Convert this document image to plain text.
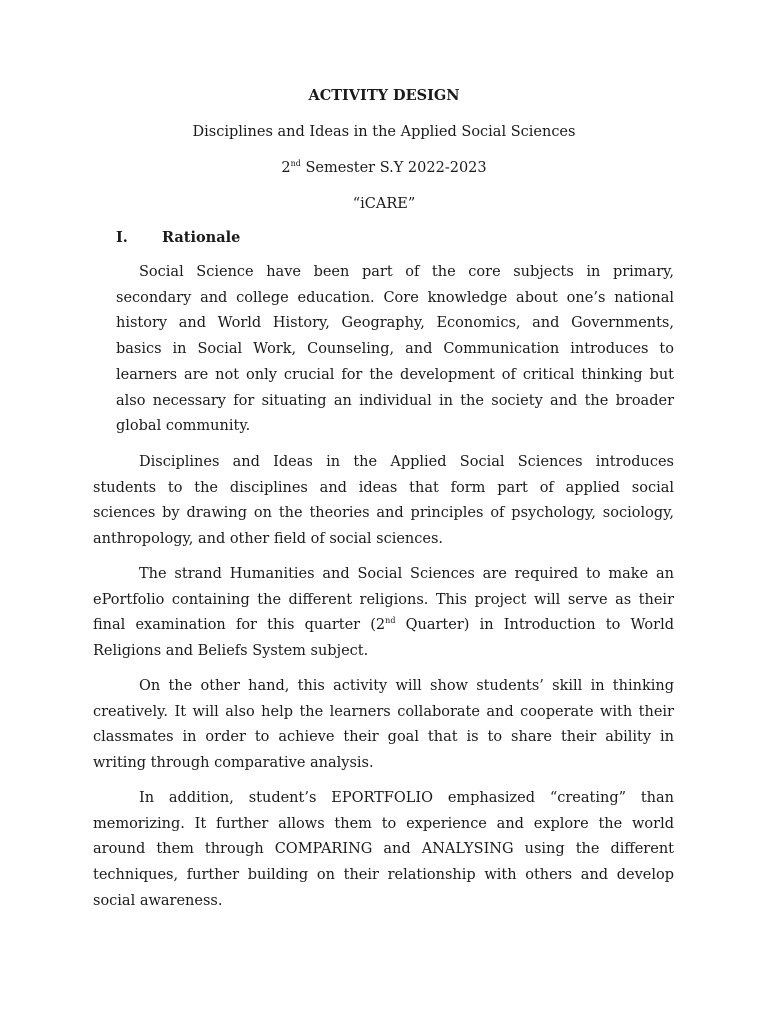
ACTIVITY DESIGN
Disciplines and Ideas in the Applied Social Sciences
2nd Semester S.Y 2022-2023
“iCARE”
I. Rationale

Social Science have been part of the core subjects in primary,
secondary and college education. Core knowledge about one’s national
history and World History, Geography, Economics, and Governments,
basics in Social Work, Counseling, and Communication introduces to
learners are not only crucial for the development of critical thinking but
also necessary for situating an individual in the society and the broader
global community.

Disciplines and Ideas in the Applied Social Sciences introduces
students to the disciplines and ideas that form part of applied social
sciences by drawing on the theories and principles of psychology, sociology,
anthropology, and other field of social sciences.

The strand Humanities and Social Sciences are required to make an
ePortfolio containing the different religions. This project will serve as their
final examination for this quarter (2nd Quarter) in Introduction to World
Religions and Beliefs System subject.

On the other hand, this activity will show students’ skill in thinking
creatively. It will also help the learners collaborate and cooperate with their
classmates in order to achieve their goal that is to share their ability in
writing through comparative analysis.

In addition, student’s EPORTFOLIO emphasized “creating” than
memorizing. It further allows them to experience and explore the world
around them through COMPARING and ANALYSING using the different
techniques, further building on their relationship with others and develop
social awareness.
